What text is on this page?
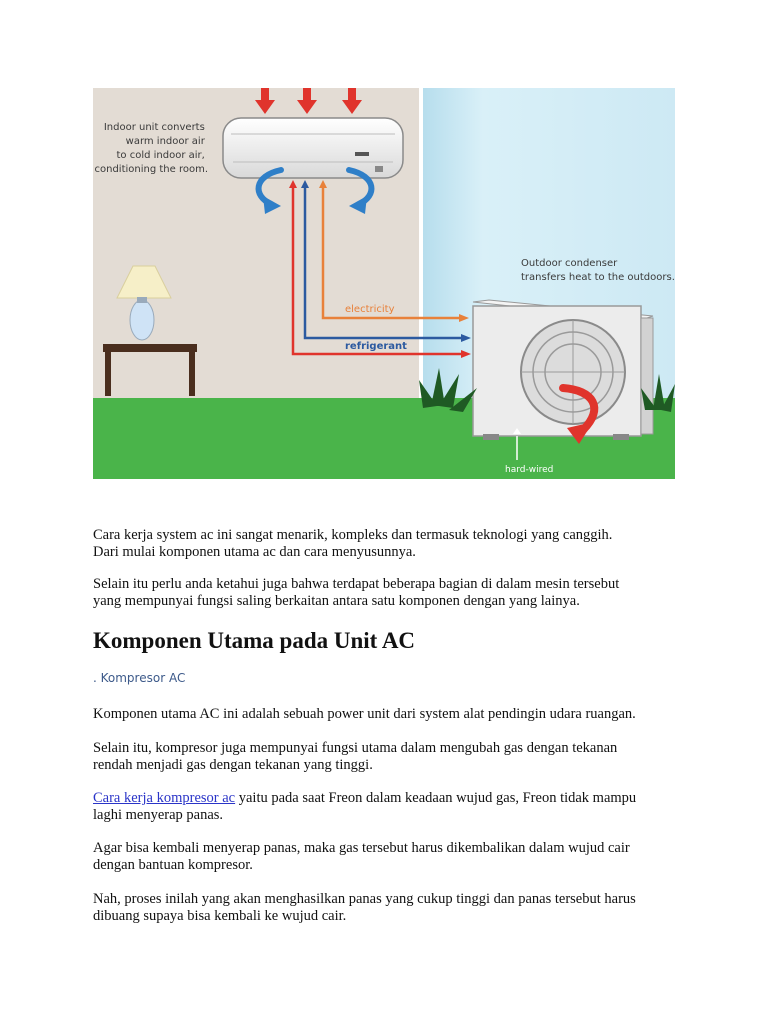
Indoor unit converts warm indoor air to cold indoor air, conditioning the room.
Outdoor condenser transfers heat to the outdoors.
electricity
refrigerant
hard-wired

Cara kerja system ac ini sangat menarik, kompleks dan termasuk teknologi yang canggih.
Dari mulai komponen utama ac dan cara menyusunnya.

Selain itu perlu anda ketahui juga bahwa terdapat beberapa bagian di dalam mesin tersebut
yang mempunyai fungsi saling berkaitan antara satu komponen dengan yang lainya.

Komponen Utama pada Unit AC

. Kompresor AC

Komponen utama AC ini adalah sebuah power unit dari system alat pendingin udara ruangan.

Selain itu, kompresor juga mempunyai fungsi utama dalam mengubah gas dengan tekanan
rendah menjadi gas dengan tekanan yang tinggi.

Cara kerja kompresor ac yaitu pada saat Freon dalam keadaan wujud gas, Freon tidak mampu
laghi menyerap panas.

Agar bisa kembali menyerap panas, maka gas tersebut harus dikembalikan dalam wujud cair
dengan bantuan kompresor.

Nah, proses inilah yang akan menghasilkan panas yang cukup tinggi dan panas tersebut harus
dibuang supaya bisa kembali ke wujud cair.
